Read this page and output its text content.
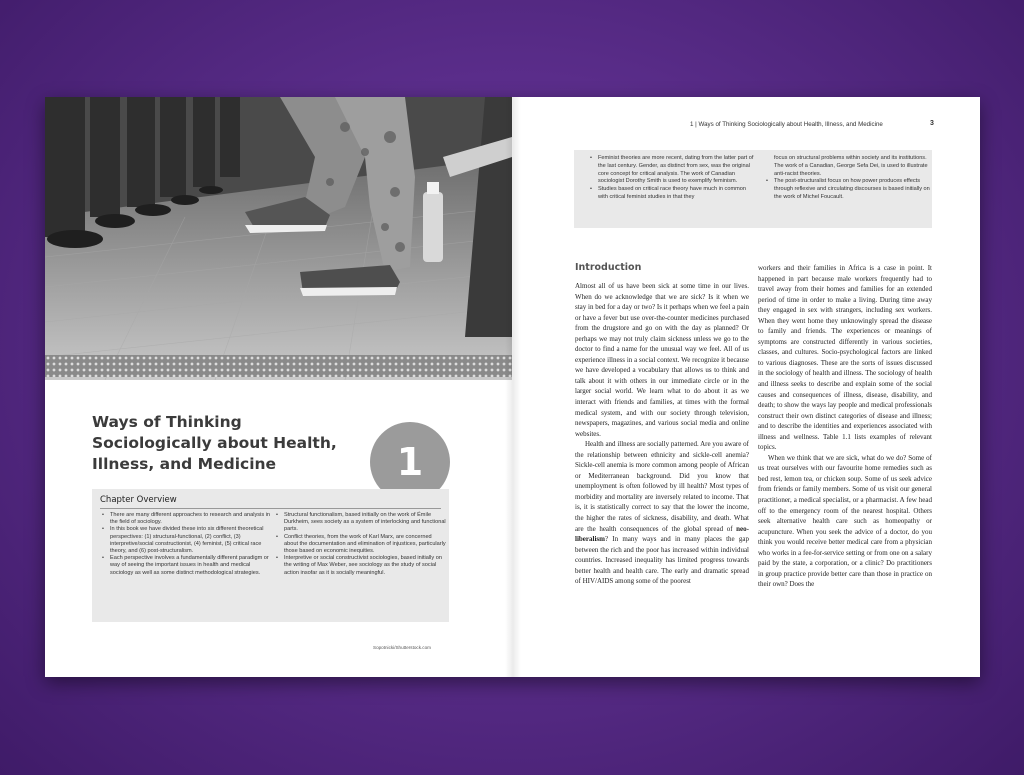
Ways of Thinking Sociologically about Health, Illness, and Medicine	1
Chapter Overview
• There are many different approaches to research and analysis in the field of sociology.
• In this book we have divided these into six different theoretical perspectives: (1) structural-functional, (2) conflict, (3) interpretive/social constructionist, (4) feminist, (5) critical race theory, and (6) post-structuralism.
• Each perspective involves a fundamentally different paradigm or way of seeing the important issues in health and medical sociology as well as some distinct methodological strategies.
• Structural functionalism, based initially on the work of Émile Durkheim, sees society as a system of interlocking and functional parts.
• Conflict theories, from the work of Karl Marx, are concerned about the documentation and elimination of injustices, particularly those based on economic inequities.
• Interpretive or social constructivist sociologies, based initially on the writing of Max Weber, see sociology as the study of social action insofar as it is socially meaningful.
Sopotnicki/Shutterstock.com
1 | Ways of Thinking Sociologically about Health, Illness, and Medicine	3
• Feminist theories are more recent, dating from the latter part of the last century. Gender, as distinct from sex, was the original core concept for critical analysis. The work of Canadian sociologist Dorothy Smith is used to exemplify feminism.
• Studies based on critical race theory have much in common with critical feminist studies in that they
focus on structural problems within society and its institutions. The work of a Canadian, George Sefa Dei, is used to illustrate anti-racist theories.
• The post-structuralist focus on how power produces effects through reflexive and circulating discourses is based initially on the work of Michel Foucault.
Introduction

Almost all of us have been sick at some time in our lives. When do we acknowledge that we are sick? Is it when we stay in bed for a day or two? Is it perhaps when we feel a pain or have a fever but use over-the-counter medicines purchased from the drugstore and go on with the day as planned? Or perhaps we may not truly claim sickness unless we go to the doctor to find a name for the unusual way we feel. All of us experience illness in a social context. We recognize it because we have developed a vocabulary that allows us to think and talk about it with others in our immediate circle or in the larger social world. We learn what to do about it as we interact with friends and families, at times with the formal medical system, and with our society through television, newspapers, magazines, and various social media and online websites.

Health and illness are socially patterned. Are you aware of the relationship between ethnicity and sickle-cell anemia? Sickle-cell anemia is more common among people of African or Mediterranean background. Did you know that unemployment is often followed by ill health? Most types of morbidity and mortality are inversely related to income. That is, it is statistically correct to say that the lower the income, the higher the rates of sickness, disability, and death. What are the health consequences of the global spread of neo-liberalism? In many ways and in many places the gap between the rich and the poor has increased within individual countries. Increased inequality has limited progress towards better health and health care. The early and dramatic spread of HIV/AIDS among some of the poorest

workers and their families in Africa is a case in point. It happened in part because male workers frequently had to travel away from their homes and families for an extended period of time in order to make a living. During time away they engaged in sex with strangers, including sex workers. When they went home they unknowingly spread the disease to family and friends. The experiences or meanings of symptoms are constructed differently in various societies, classes, and cultures. Socio-psychological factors are linked to various diagnoses. These are the sorts of issues discussed in the sociology of health and illness. The sociology of health and illness seeks to describe and explain some of the social causes and consequences of illness, disease, disability, and death; to show the ways lay people and medical professionals construct their own distinct categories of disease and illness; and to describe the identities and experiences associated with illness and wellness. Table 1.1 lists examples of relevant topics.

When we think that we are sick, what do we do? Some of us treat ourselves with our favourite home remedies such as bed rest, lemon tea, or chicken soup. Some of us seek advice from friends or family members. Some of us visit our general practitioner, a medical specialist, or a pharmacist. A few head off to the emergency room of the nearest hospital. Others seek alternative health care such as homeopathy or acupuncture. When you seek the advice of a doctor, do you think you would receive better medical care from a physician who works in a fee-for-service setting or from one on a salary paid by the state, a corporation, or a clinic? Do practitioners in group practice provide better care than those in practice on their own? Does the
